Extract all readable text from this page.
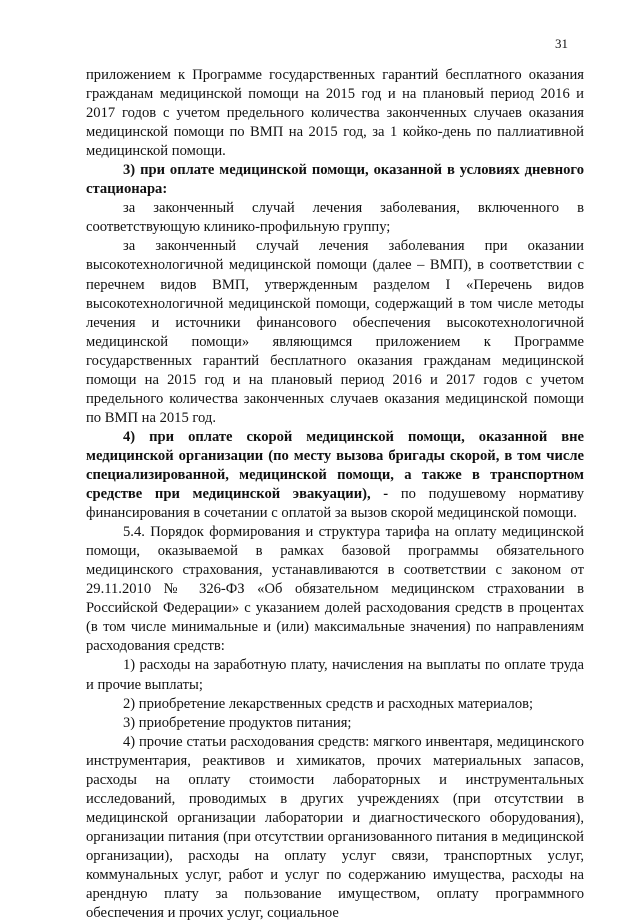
31

приложением к Программе государственных гарантий бесплатного оказания гражданам медицинской помощи на 2015 год и на плановый период 2016 и 2017 годов с учетом предельного количества законченных случаев оказания медицинской помощи по ВМП на 2015 год, за 1 койко-день по паллиативной медицинской помощи.

3) при оплате медицинской помощи, оказанной в условиях дневного стационара:

за законченный случай лечения заболевания, включенного в соответствующую клинико-профильную группу;

за законченный случай лечения заболевания при оказании высокотехнологичной медицинской помощи (далее – ВМП), в соответствии с перечнем видов ВМП, утвержденным разделом I «Перечень видов высокотехнологичной медицинской помощи, содержащий в том числе методы лечения и источники финансового обеспечения высокотехнологичной медицинской помощи» являющимся приложением к Программе государственных гарантий бесплатного оказания гражданам медицинской помощи на 2015 год и на плановый период 2016 и 2017 годов с учетом предельного количества законченных случаев оказания медицинской помощи по ВМП на 2015 год.

4) при оплате скорой медицинской помощи, оказанной вне медицинской организации (по месту вызова бригады скорой, в том числе специализированной, медицинской помощи, а также в транспортном средстве при медицинской эвакуации), - по подушевому нормативу финансирования в сочетании с оплатой за вызов скорой медицинской помощи.

5.4. Порядок формирования и структура тарифа на оплату медицинской помощи, оказываемой в рамках базовой программы обязательного медицинского страхования, устанавливаются в соответствии с законом от 29.11.2010 № 326-ФЗ «Об обязательном медицинском страховании в Российской Федерации» с указанием долей расходования средств в процентах (в том числе минимальные и (или) максимальные значения) по направлениям расходования средств:

1) расходы на заработную плату, начисления на выплаты по оплате труда и прочие выплаты;

2) приобретение лекарственных средств и расходных материалов;

3) приобретение продуктов питания;

4) прочие статьи расходования средств: мягкого инвентаря, медицинского инструментария, реактивов и химикатов, прочих материальных запасов, расходы на оплату стоимости лабораторных и инструментальных исследований, проводимых в других учреждениях (при отсутствии в медицинской организации лаборатории и диагностического оборудования), организации питания (при отсутствии организованного питания в медицинской организации), расходы на оплату услуг связи, транспортных услуг, коммунальных услуг, работ и услуг по содержанию имущества, расходы на арендную плату за пользование имуществом, оплату программного обеспечения и прочих услуг, социальное
